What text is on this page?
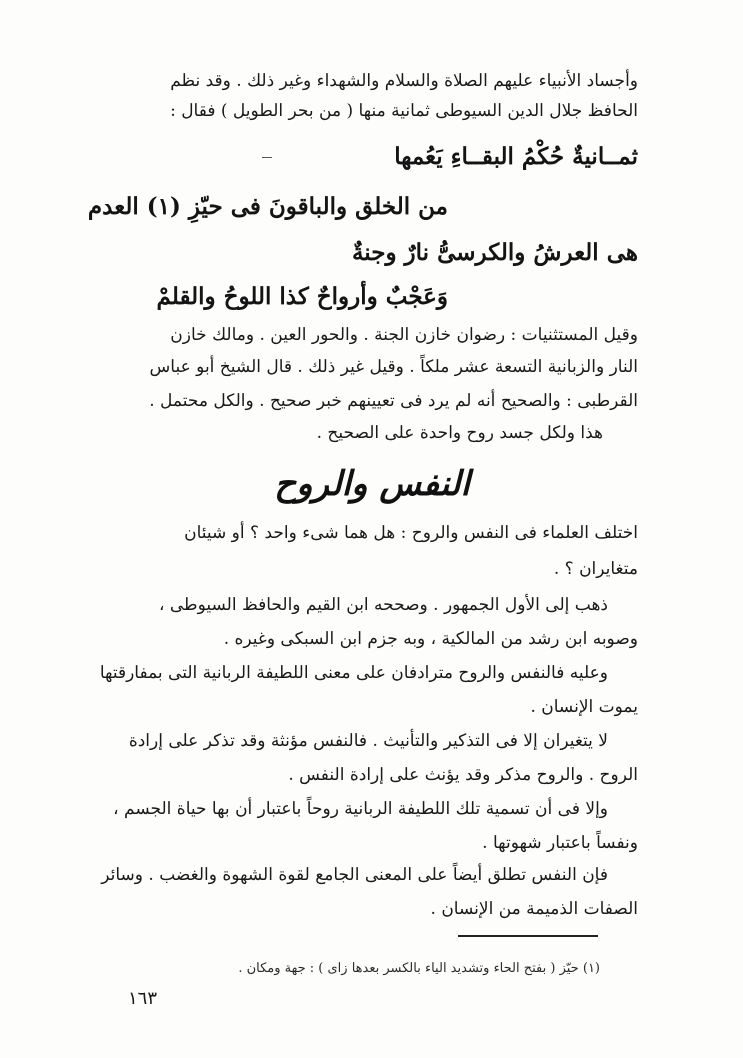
وأجساد الأنبياء عليهم الصلاة والسلام والشهداء وغير ذلك . وقد نظم
الحافظ جلال الدين السيوطى ثمانية منها ( من بحر الطويل ) فقال :
ثمــانيةٌ حُكْمُ البقــاءِ يَعُمها
من الخلق والباقونَ فى حيّزِ (١) العدم
هى العرشُ والكرسىُّ نارٌ وجنةٌ
وَعَجْبٌ وأرواحٌ كذا اللوحُ والقلمْ
وقيل المستثنيات : رضوان خازن الجنة . والحور العين . ومالك خازن
النار والزبانية التسعة عشر ملكاً . وقيل غير ذلك . قال الشيخ أبو عباس
القرطبى : والصحيح أنه لم يرد فى تعيينهم خبر صحيح . والكل محتمل .
هذا ولكل جسد روح واحدة على الصحيح .
النفس والروح
اختلف العلماء فى النفس والروح : هل هما شىء واحد ؟ أو شيئان
متغايران ؟ .
ذهب إلى الأول الجمهور . وصححه ابن القيم والحافظ السيوطى ،
وصوبه ابن رشد من المالكية ، وبه جزم ابن السبكى وغيره .
وعليه فالنفس والروح مترادفان على معنى اللطيفة الربانية التى بمفارقتها
يموت الإنسان .
لا يتغيران إلا فى التذكير والتأنيث . فالنفس مؤنثة وقد تذكر على إرادة
الروح . والروح مذكر وقد يؤنث على إرادة النفس .
وإلا فى أن تسمية تلك اللطيفة الربانية روحاً باعتبار أن بها حياة الجسم ،
ونفساً باعتبار شهوتها .
فإن النفس تطلق أيضاً على المعنى الجامع لقوة الشهوة والغضب . وسائر
الصفات الذميمة من الإنسان .
(١) حيّز ( بفتح الحاء وتشديد الياء بالكسر بعدها زاى ) : جهة ومكان .
١٦٣
